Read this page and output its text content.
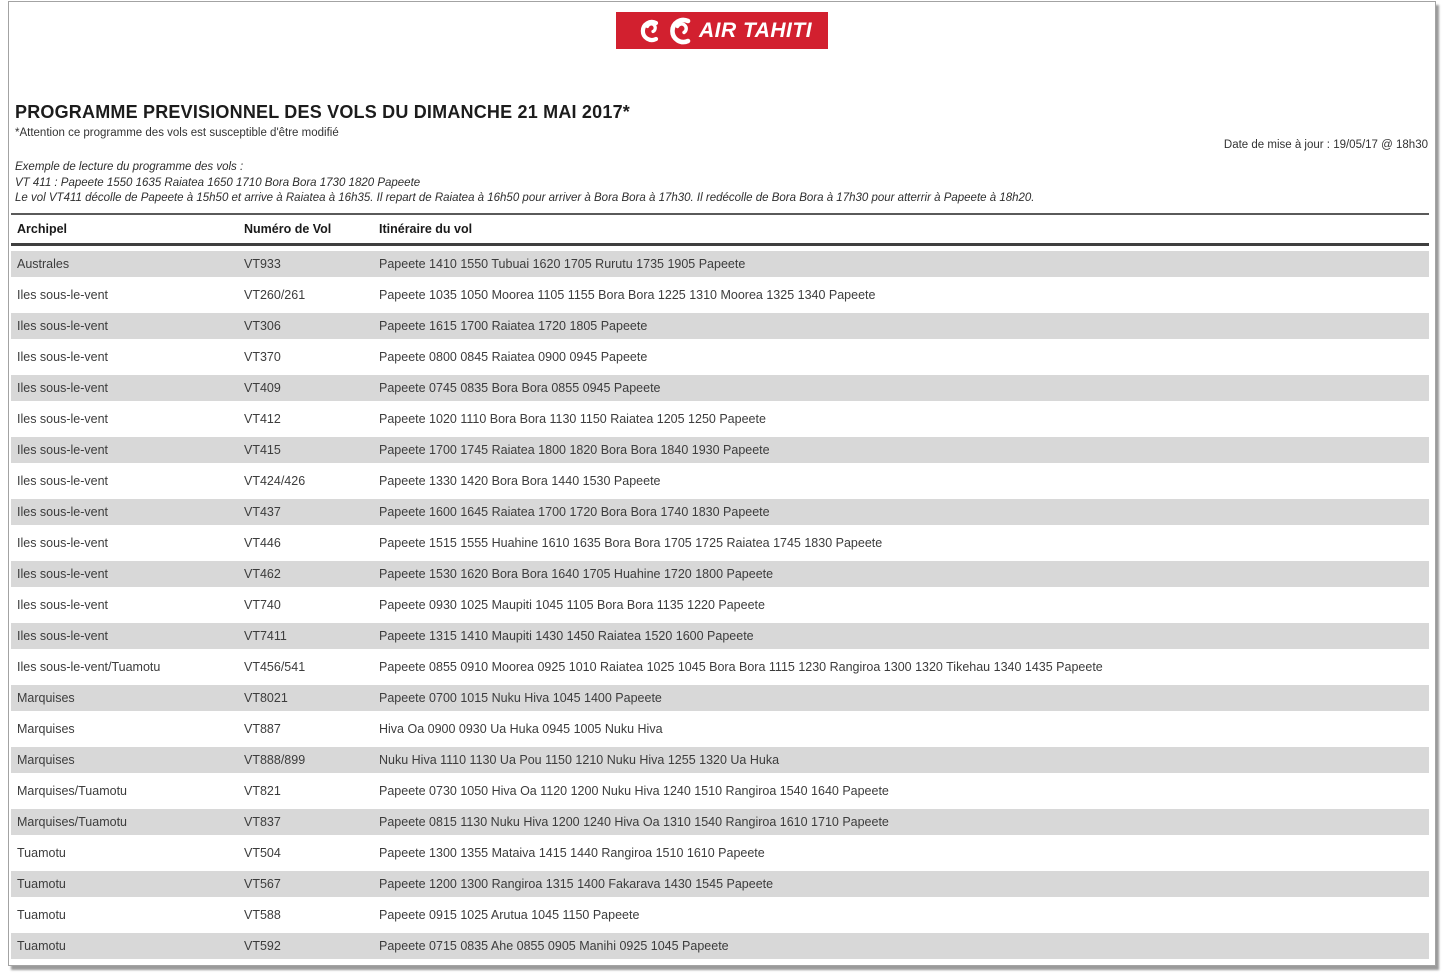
AIR TAHITI
PROGRAMME PREVISIONNEL DES VOLS DU DIMANCHE 21 MAI 2017*
*Attention ce programme des vols est susceptible d'être modifié
Date de mise à jour : 19/05/17 @ 18h30
Exemple de lecture du programme des vols :
VT 411 : Papeete 1550 1635 Raiatea 1650 1710 Bora Bora 1730 1820 Papeete
Le vol VT411 décolle de Papeete à 15h50 et arrive à Raiatea à 16h35. Il repart de Raiatea à 16h50 pour arriver à Bora Bora à 17h30. Il redécolle de Bora Bora à 17h30 pour atterrir à Papeete à 18h20.
Archipel	Numéro de Vol	Itinéraire du vol
Australes	VT933	Papeete 1410 1550 Tubuai 1620 1705 Rurutu 1735 1905 Papeete
Iles sous-le-vent	VT260/261	Papeete 1035 1050 Moorea 1105 1155 Bora Bora 1225 1310 Moorea 1325 1340 Papeete
Iles sous-le-vent	VT306	Papeete 1615 1700 Raiatea 1720 1805 Papeete
Iles sous-le-vent	VT370	Papeete 0800 0845 Raiatea 0900 0945 Papeete
Iles sous-le-vent	VT409	Papeete 0745 0835 Bora Bora 0855 0945 Papeete
Iles sous-le-vent	VT412	Papeete 1020 1110 Bora Bora 1130 1150 Raiatea 1205 1250 Papeete
Iles sous-le-vent	VT415	Papeete 1700 1745 Raiatea 1800 1820 Bora Bora 1840 1930 Papeete
Iles sous-le-vent	VT424/426	Papeete 1330 1420 Bora Bora 1440 1530 Papeete
Iles sous-le-vent	VT437	Papeete 1600 1645 Raiatea 1700 1720 Bora Bora 1740 1830 Papeete
Iles sous-le-vent	VT446	Papeete 1515 1555 Huahine 1610 1635 Bora Bora 1705 1725 Raiatea 1745 1830 Papeete
Iles sous-le-vent	VT462	Papeete 1530 1620 Bora Bora 1640 1705 Huahine 1720 1800 Papeete
Iles sous-le-vent	VT740	Papeete 0930 1025 Maupiti 1045 1105 Bora Bora 1135 1220 Papeete
Iles sous-le-vent	VT7411	Papeete 1315 1410 Maupiti 1430 1450 Raiatea 1520 1600 Papeete
Iles sous-le-vent/Tuamotu	VT456/541	Papeete 0855 0910 Moorea 0925 1010 Raiatea 1025 1045 Bora Bora 1115 1230 Rangiroa 1300 1320 Tikehau 1340 1435 Papeete
Marquises	VT8021	Papeete 0700 1015 Nuku Hiva 1045 1400 Papeete
Marquises	VT887	Hiva Oa 0900 0930 Ua Huka 0945 1005 Nuku Hiva
Marquises	VT888/899	Nuku Hiva 1110 1130 Ua Pou 1150 1210 Nuku Hiva 1255 1320 Ua Huka
Marquises/Tuamotu	VT821	Papeete 0730 1050 Hiva Oa 1120 1200 Nuku Hiva 1240 1510 Rangiroa 1540 1640 Papeete
Marquises/Tuamotu	VT837	Papeete 0815 1130 Nuku Hiva 1200 1240 Hiva Oa 1310 1540 Rangiroa 1610 1710 Papeete
Tuamotu	VT504	Papeete 1300 1355 Mataiva 1415 1440 Rangiroa 1510 1610 Papeete
Tuamotu	VT567	Papeete 1200 1300 Rangiroa 1315 1400 Fakarava 1430 1545 Papeete
Tuamotu	VT588	Papeete 0915 1025 Arutua 1045 1150 Papeete
Tuamotu	VT592	Papeete 0715 0835 Ahe 0855 0905 Manihi 0925 1045 Papeete
